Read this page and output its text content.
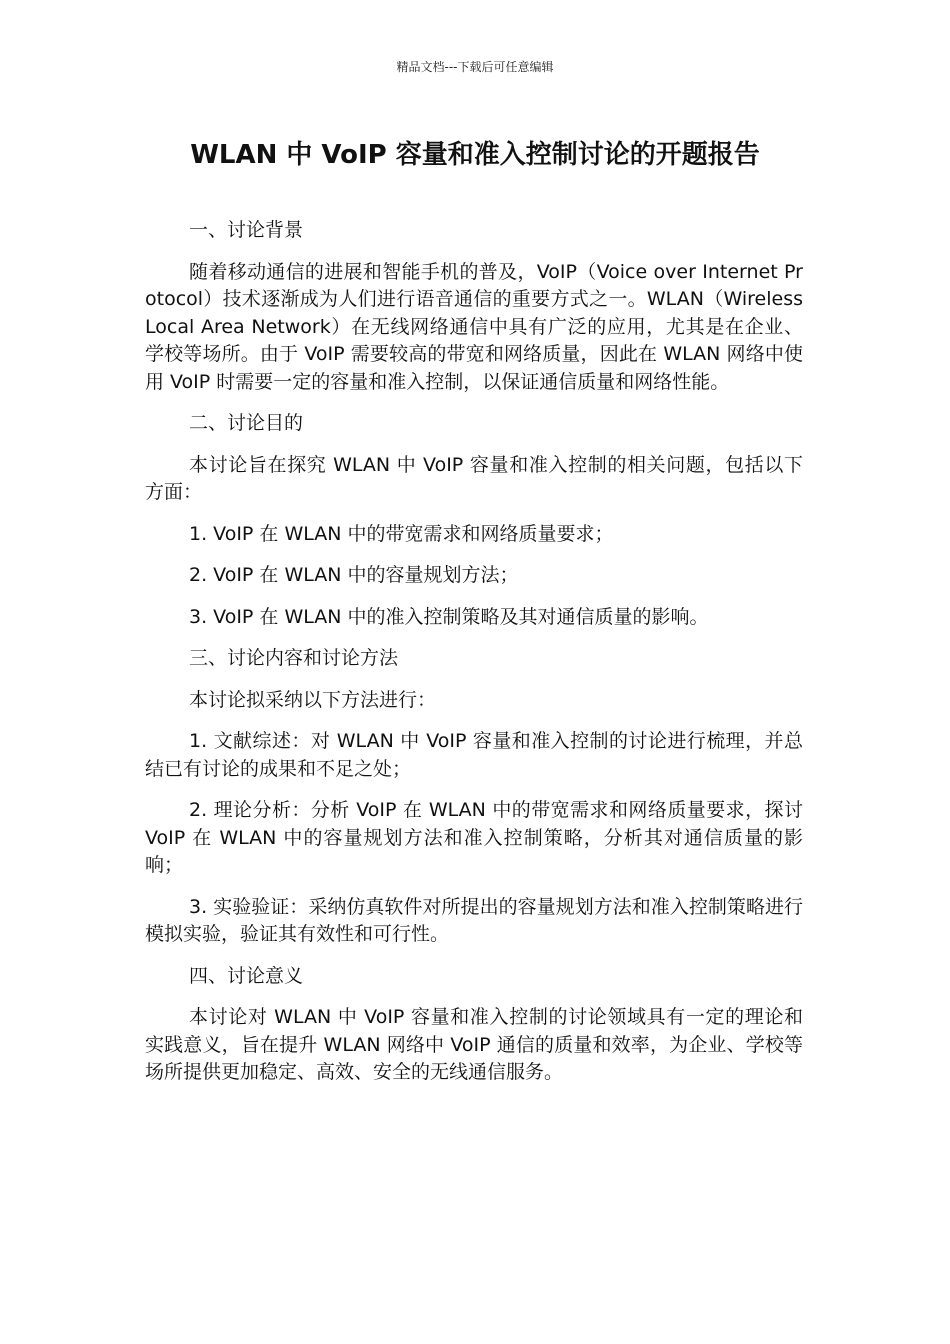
精品文档---下载后可任意编辑
WLAN 中 VoIP 容量和准入控制讨论的开题报告

一、讨论背景

随着移动通信的进展和智能手机的普及，VoIP（Voice over Internet Protocol）技术逐渐成为人们进行语音通信的重要方式之一。WLAN（Wireless Local Area Network）在无线网络通信中具有广泛的应用，尤其是在企业、学校等场所。由于 VoIP 需要较高的带宽和网络质量，因此在 WLAN 网络中使用 VoIP 时需要一定的容量和准入控制，以保证通信质量和网络性能。

二、讨论目的

本讨论旨在探究 WLAN 中 VoIP 容量和准入控制的相关问题，包括以下方面：

1. VoIP 在 WLAN 中的带宽需求和网络质量要求；

2. VoIP 在 WLAN 中的容量规划方法；

3. VoIP 在 WLAN 中的准入控制策略及其对通信质量的影响。

三、讨论内容和讨论方法

本讨论拟采纳以下方法进行：

1. 文献综述：对 WLAN 中 VoIP 容量和准入控制的讨论进行梳理，并总结已有讨论的成果和不足之处；

2. 理论分析：分析 VoIP 在 WLAN 中的带宽需求和网络质量要求，探讨 VoIP 在 WLAN 中的容量规划方法和准入控制策略，分析其对通信质量的影响；

3. 实验验证：采纳仿真软件对所提出的容量规划方法和准入控制策略进行模拟实验，验证其有效性和可行性。

四、讨论意义

本讨论对 WLAN 中 VoIP 容量和准入控制的讨论领域具有一定的理论和实践意义，旨在提升 WLAN 网络中 VoIP 通信的质量和效率，为企业、学校等场所提供更加稳定、高效、安全的无线通信服务。
